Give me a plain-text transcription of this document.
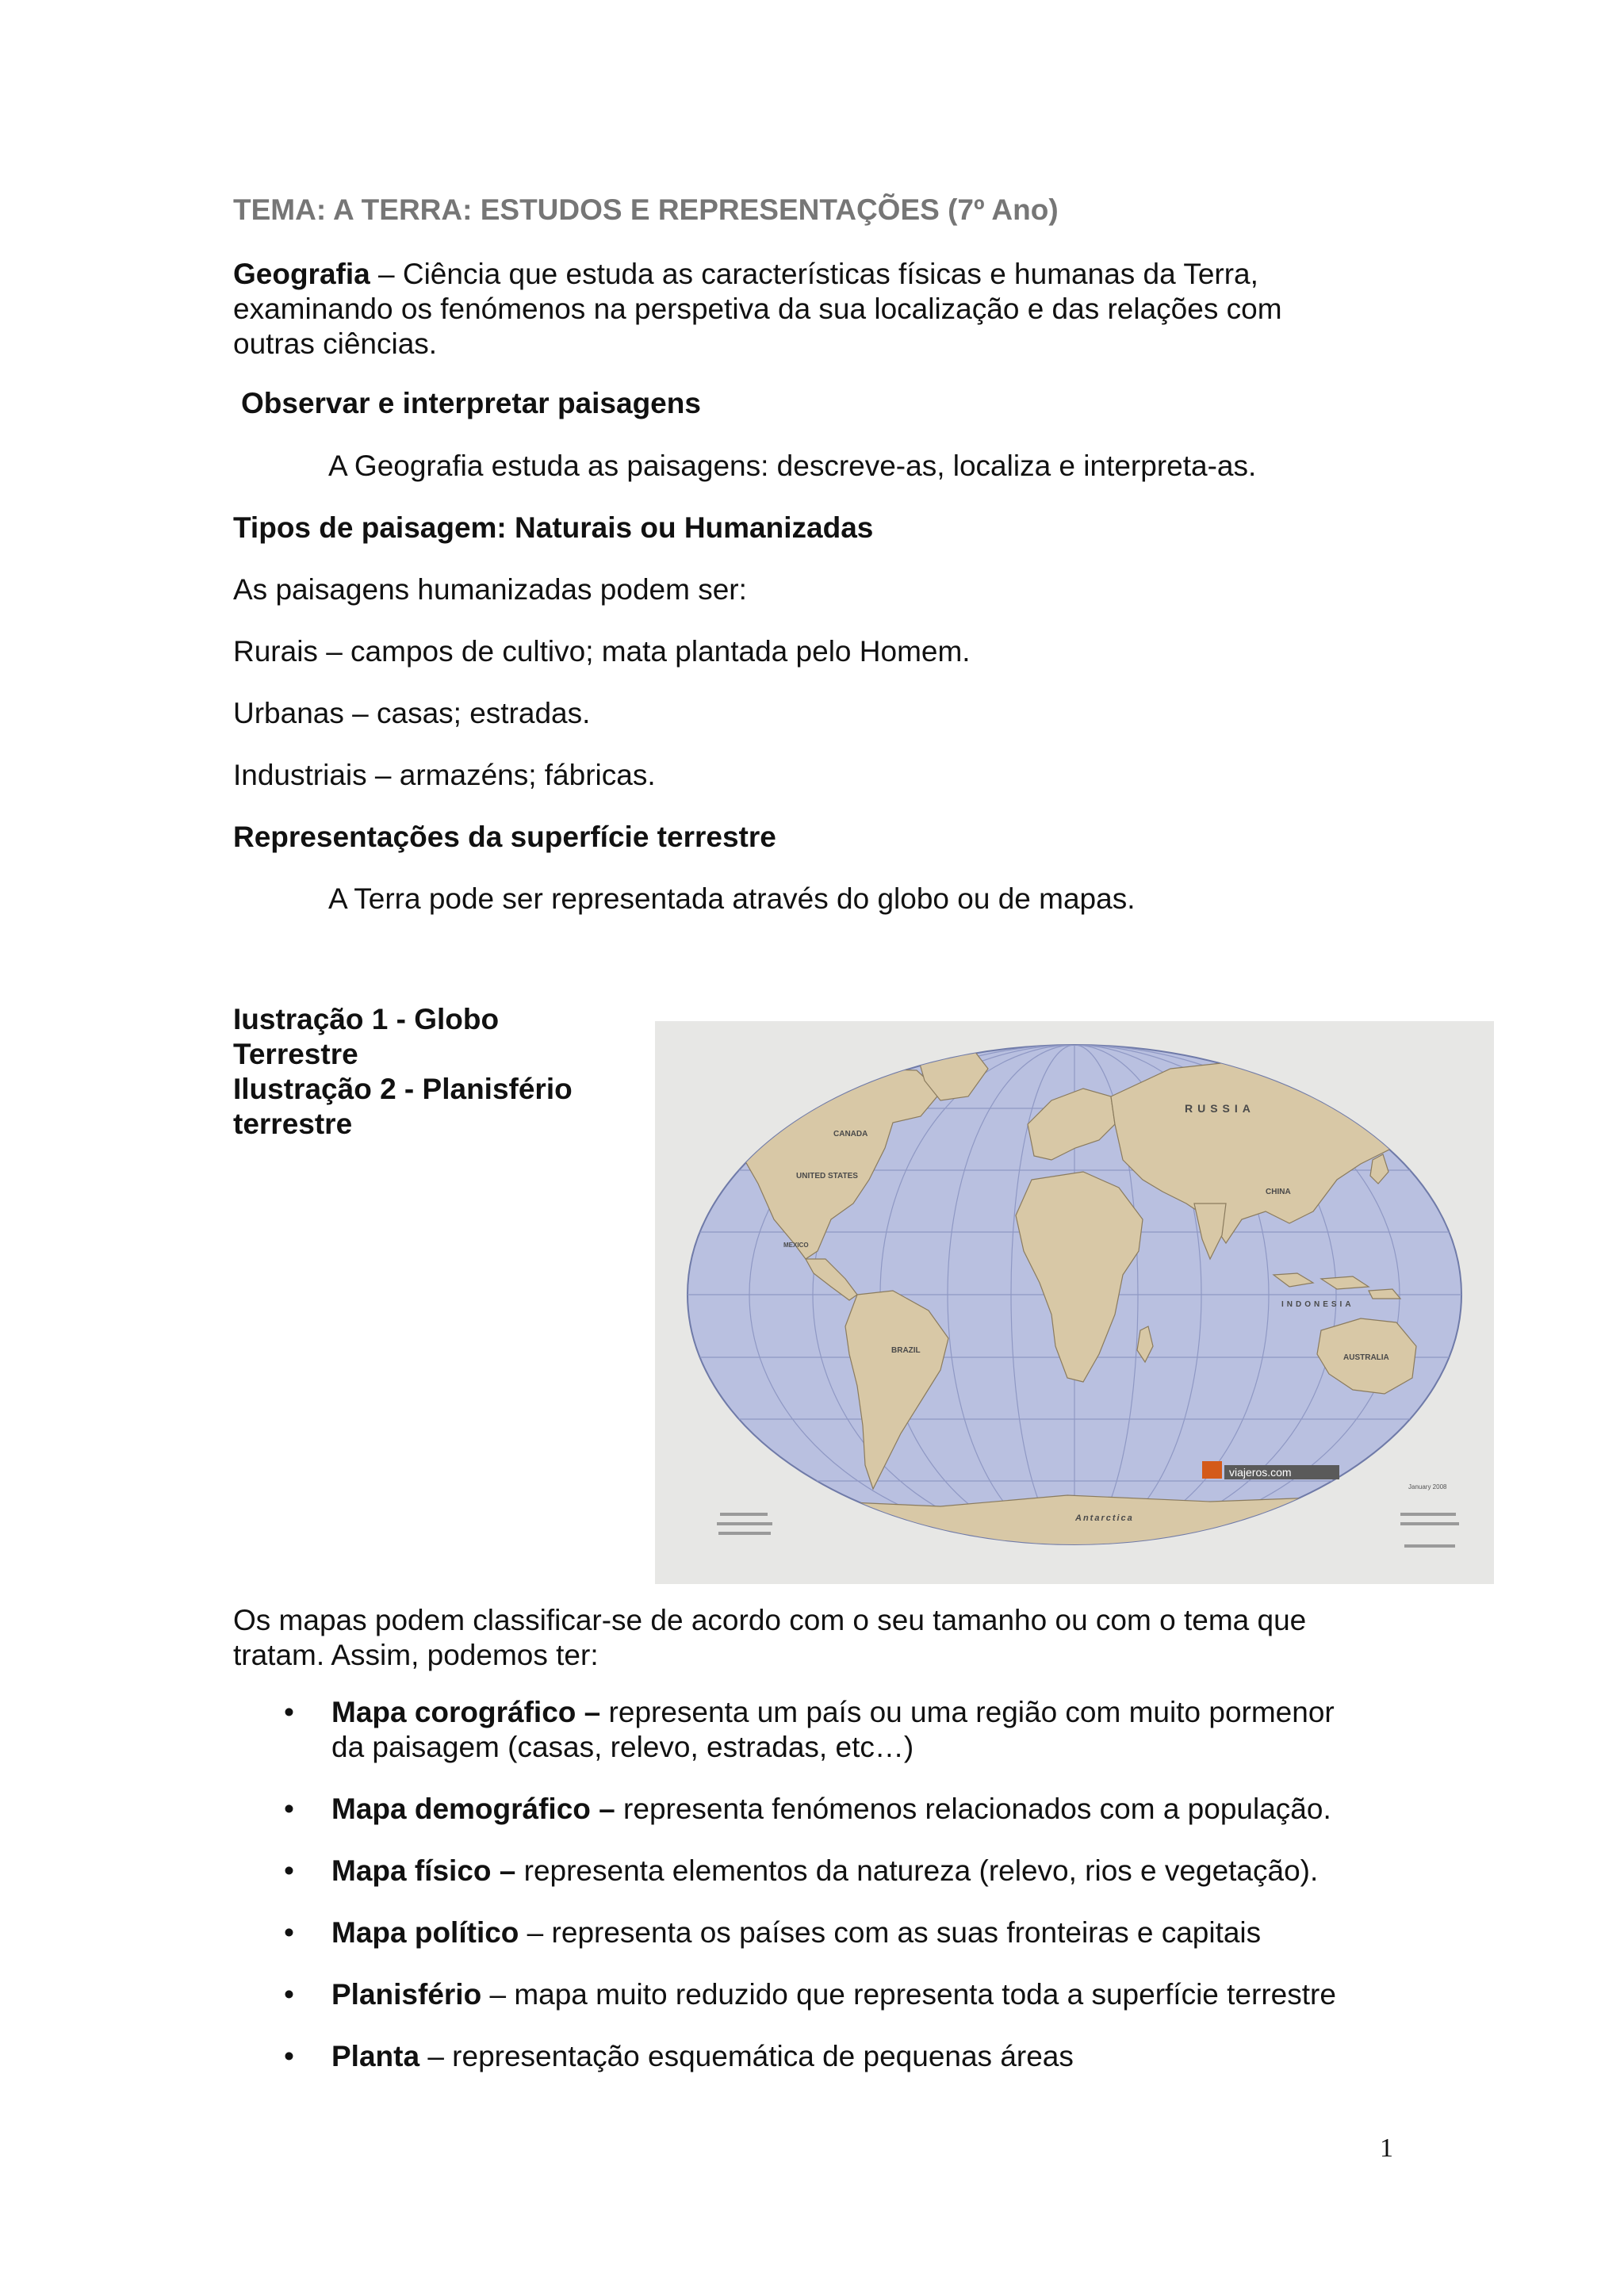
TEMA: A TERRA: ESTUDOS E REPRESENTAÇÕES (7º Ano)

Geografia – Ciência que estuda as características físicas e humanas da Terra,
examinando os fenómenos na perspetiva da sua localização e das relações com
outras ciências.

Observar e interpretar paisagens

A Geografia estuda as paisagens: descreve-as, localiza e interpreta-as.

Tipos de paisagem: Naturais ou Humanizadas

As paisagens humanizadas podem ser:

Rurais – campos de cultivo; mata plantada pelo Homem.

Urbanas – casas; estradas.

Industriais – armazéns; fábricas.

Representações da superfície terrestre

A Terra pode ser representada através do globo ou de mapas.

Iustração 1 - Globo
Terrestre
Ilustração 2 - Planisfério
terrestre	RUSSIA
CANADA
UNITED STATES
MEXICO
BRAZIL
CHINA
INDONESIA
AUSTRALIA
Antarctica
viajeros.com
January 2008

Os mapas podem classificar-se de acordo com o seu tamanho ou com o tema que
tratam. Assim, podemos ter:

• Mapa corográfico – representa um país ou uma região com muito pormenor
da paisagem (casas, relevo, estradas, etc…)
• Mapa demográfico – representa fenómenos relacionados com a população.
• Mapa físico – representa elementos da natureza (relevo, rios e vegetação).
• Mapa político – representa os países com as suas fronteiras e capitais
• Planisfério – mapa muito reduzido que representa toda a superfície terrestre
• Planta – representação esquemática de pequenas áreas

1
